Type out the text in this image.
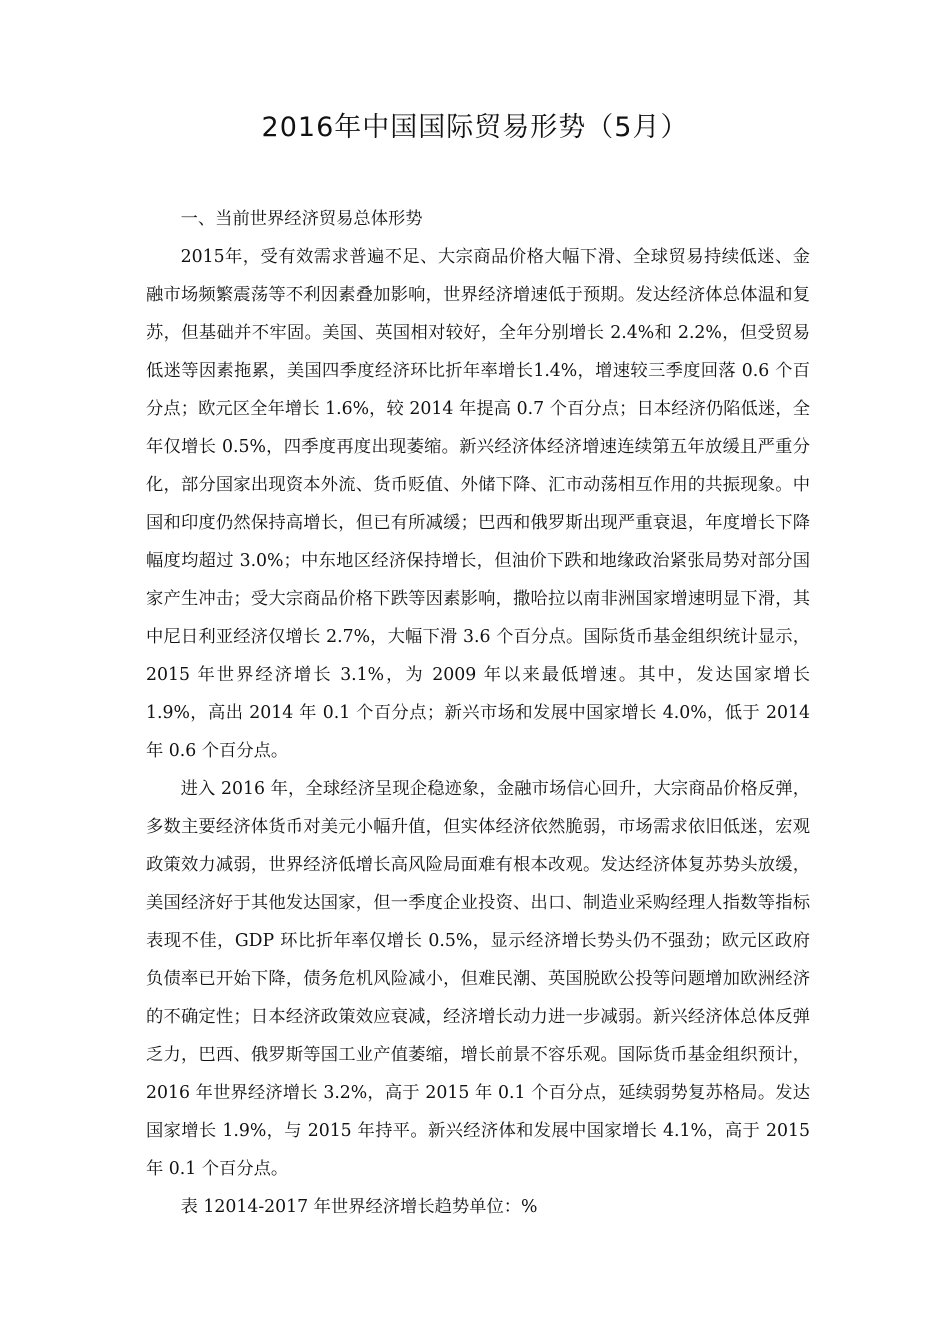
2016年中国国际贸易形势（5月）

一、当前世界经济贸易总体形势

2015年，受有效需求普遍不足、大宗商品价格大幅下滑、全球贸易持续低迷、金融市场频繁震荡等不利因素叠加影响，世界经济增速低于预期。发达经济体总体温和复苏，但基础并不牢固。美国、英国相对较好，全年分别增长 2.4%和 2.2%，但受贸易低迷等因素拖累，美国四季度经济环比折年率增长1.4%，增速较三季度回落 0.6 个百分点；欧元区全年增长 1.6%，较 2014 年提高 0.7 个百分点；日本经济仍陷低迷，全年仅增长 0.5%，四季度再度出现萎缩。新兴经济体经济增速连续第五年放缓且严重分化，部分国家出现资本外流、货币贬值、外储下降、汇市动荡相互作用的共振现象。中国和印度仍然保持高增长，但已有所减缓；巴西和俄罗斯出现严重衰退，年度增长下降幅度均超过 3.0%；中东地区经济保持增长，但油价下跌和地缘政治紧张局势对部分国家产生冲击；受大宗商品价格下跌等因素影响，撒哈拉以南非洲国家增速明显下滑，其中尼日利亚经济仅增长 2.7%，大幅下滑 3.6 个百分点。国际货币基金组织统计显示， 2015 年世界经济增长 3.1%，为 2009 年以来最低增速。其中，发达国家增长 1.9%，高出 2014 年 0.1 个百分点；新兴市场和发展中国家增长 4.0%，低于 2014 年 0.6 个百分点。

进入 2016 年，全球经济呈现企稳迹象，金融市场信心回升，大宗商品价格反弹，多数主要经济体货币对美元小幅升值，但实体经济依然脆弱，市场需求依旧低迷，宏观政策效力减弱，世界经济低增长高风险局面难有根本改观。发达经济体复苏势头放缓，美国经济好于其他发达国家，但一季度企业投资、出口、制造业采购经理人指数等指标表现不佳，GDP 环比折年率仅增长 0.5%，显示经济增长势头仍不强劲；欧元区政府负债率已开始下降，债务危机风险减小，但难民潮、英国脱欧公投等问题增加欧洲经济的不确定性；日本经济政策效应衰减，经济增长动力进一步减弱。新兴经济体总体反弹乏力，巴西、俄罗斯等国工业产值萎缩，增长前景不容乐观。国际货币基金组织预计，2016 年世界经济增长 3.2%，高于 2015 年 0.1 个百分点，延续弱势复苏格局。发达国家增长 1.9%，与 2015 年持平。新兴经济体和发展中国家增长 4.1%，高于 2015 年 0.1 个百分点。

表 12014-2017 年世界经济增长趋势单位：%
